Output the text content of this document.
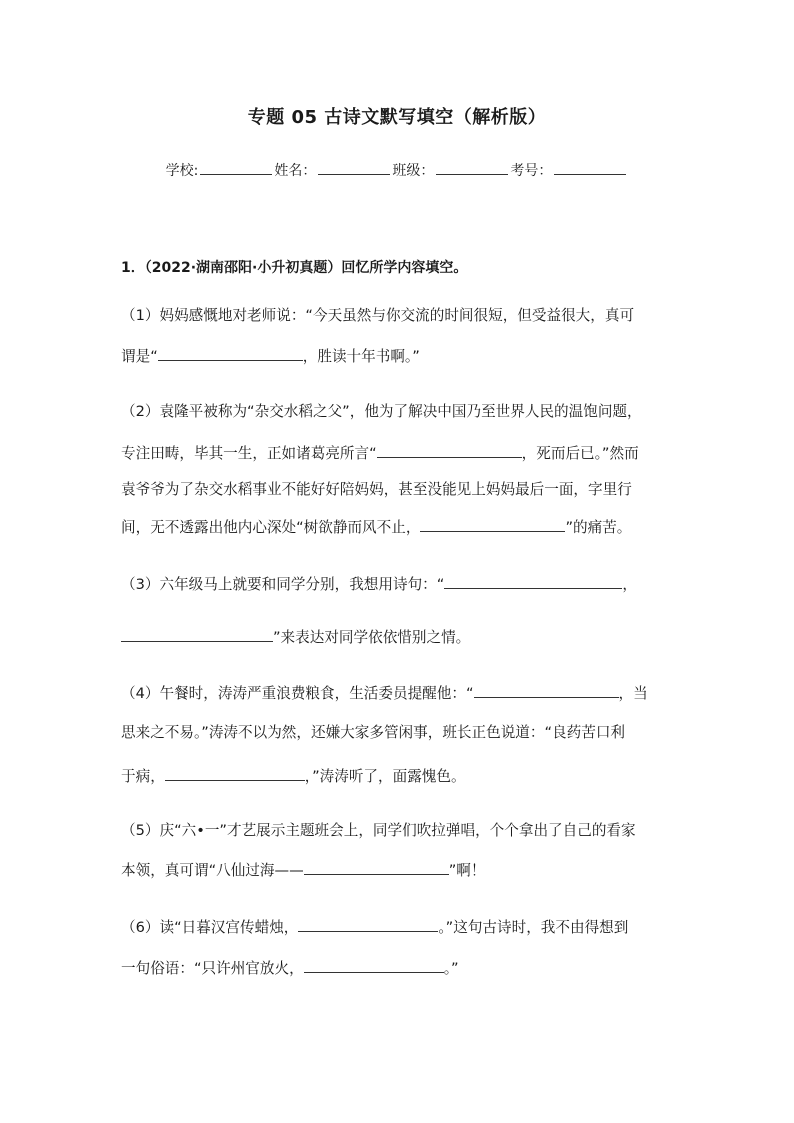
专题 05 古诗文默写填空（解析版）
学校:	姓名：	班级：	考号：
1．（2022·湖南邵阳·小升初真题）回忆所学内容填空。
（1）妈妈感慨地对老师说：“今天虽然与你交流的时间很短，但受益很大，真可
谓是“	，胜读十年书啊。”
（2）袁隆平被称为“杂交水稻之父”，他为了解决中国乃至世界人民的温饱问题，
专注田畴，毕其一生，正如诸葛亮所言“	，死而后已。”然而
袁爷爷为了杂交水稻事业不能好好陪妈妈，甚至没能见上妈妈最后一面，字里行
间，无不透露出他内心深处“树欲静而风不止，	”的痛苦。
（3）六年级马上就要和同学分别，我想用诗句：“	，
”来表达对同学依依惜别之情。
（4）午餐时，涛涛严重浪费粮食，生活委员提醒他：“	，当
思来之不易。”涛涛不以为然，还嫌大家多管闲事，班长正色说道：“良药苦口利
于病，	，”涛涛听了，面露愧色。
（5）庆“六•一”才艺展示主题班会上，同学们吹拉弹唱，个个拿出了自己的看家
本领，真可谓“八仙过海——	”啊！
（6）读“日暮汉宫传蜡烛，	。”这句古诗时，我不由得想到
一句俗语：“只许州官放火，	。”
